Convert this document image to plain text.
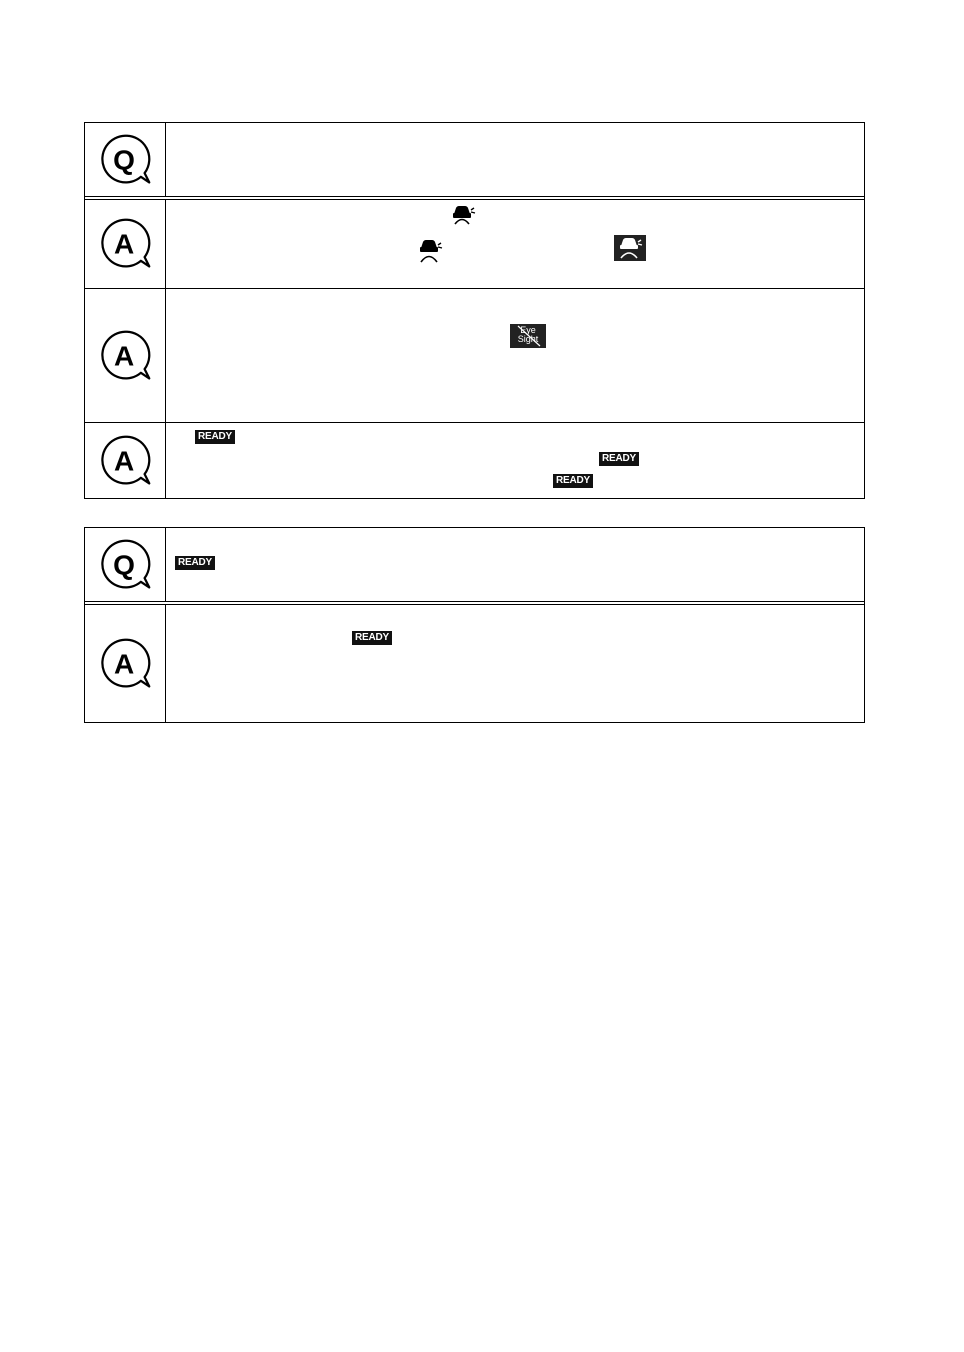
Q
A
A
Eye
Sight
A
READY
READY
READY
Q	READY
A
READY
